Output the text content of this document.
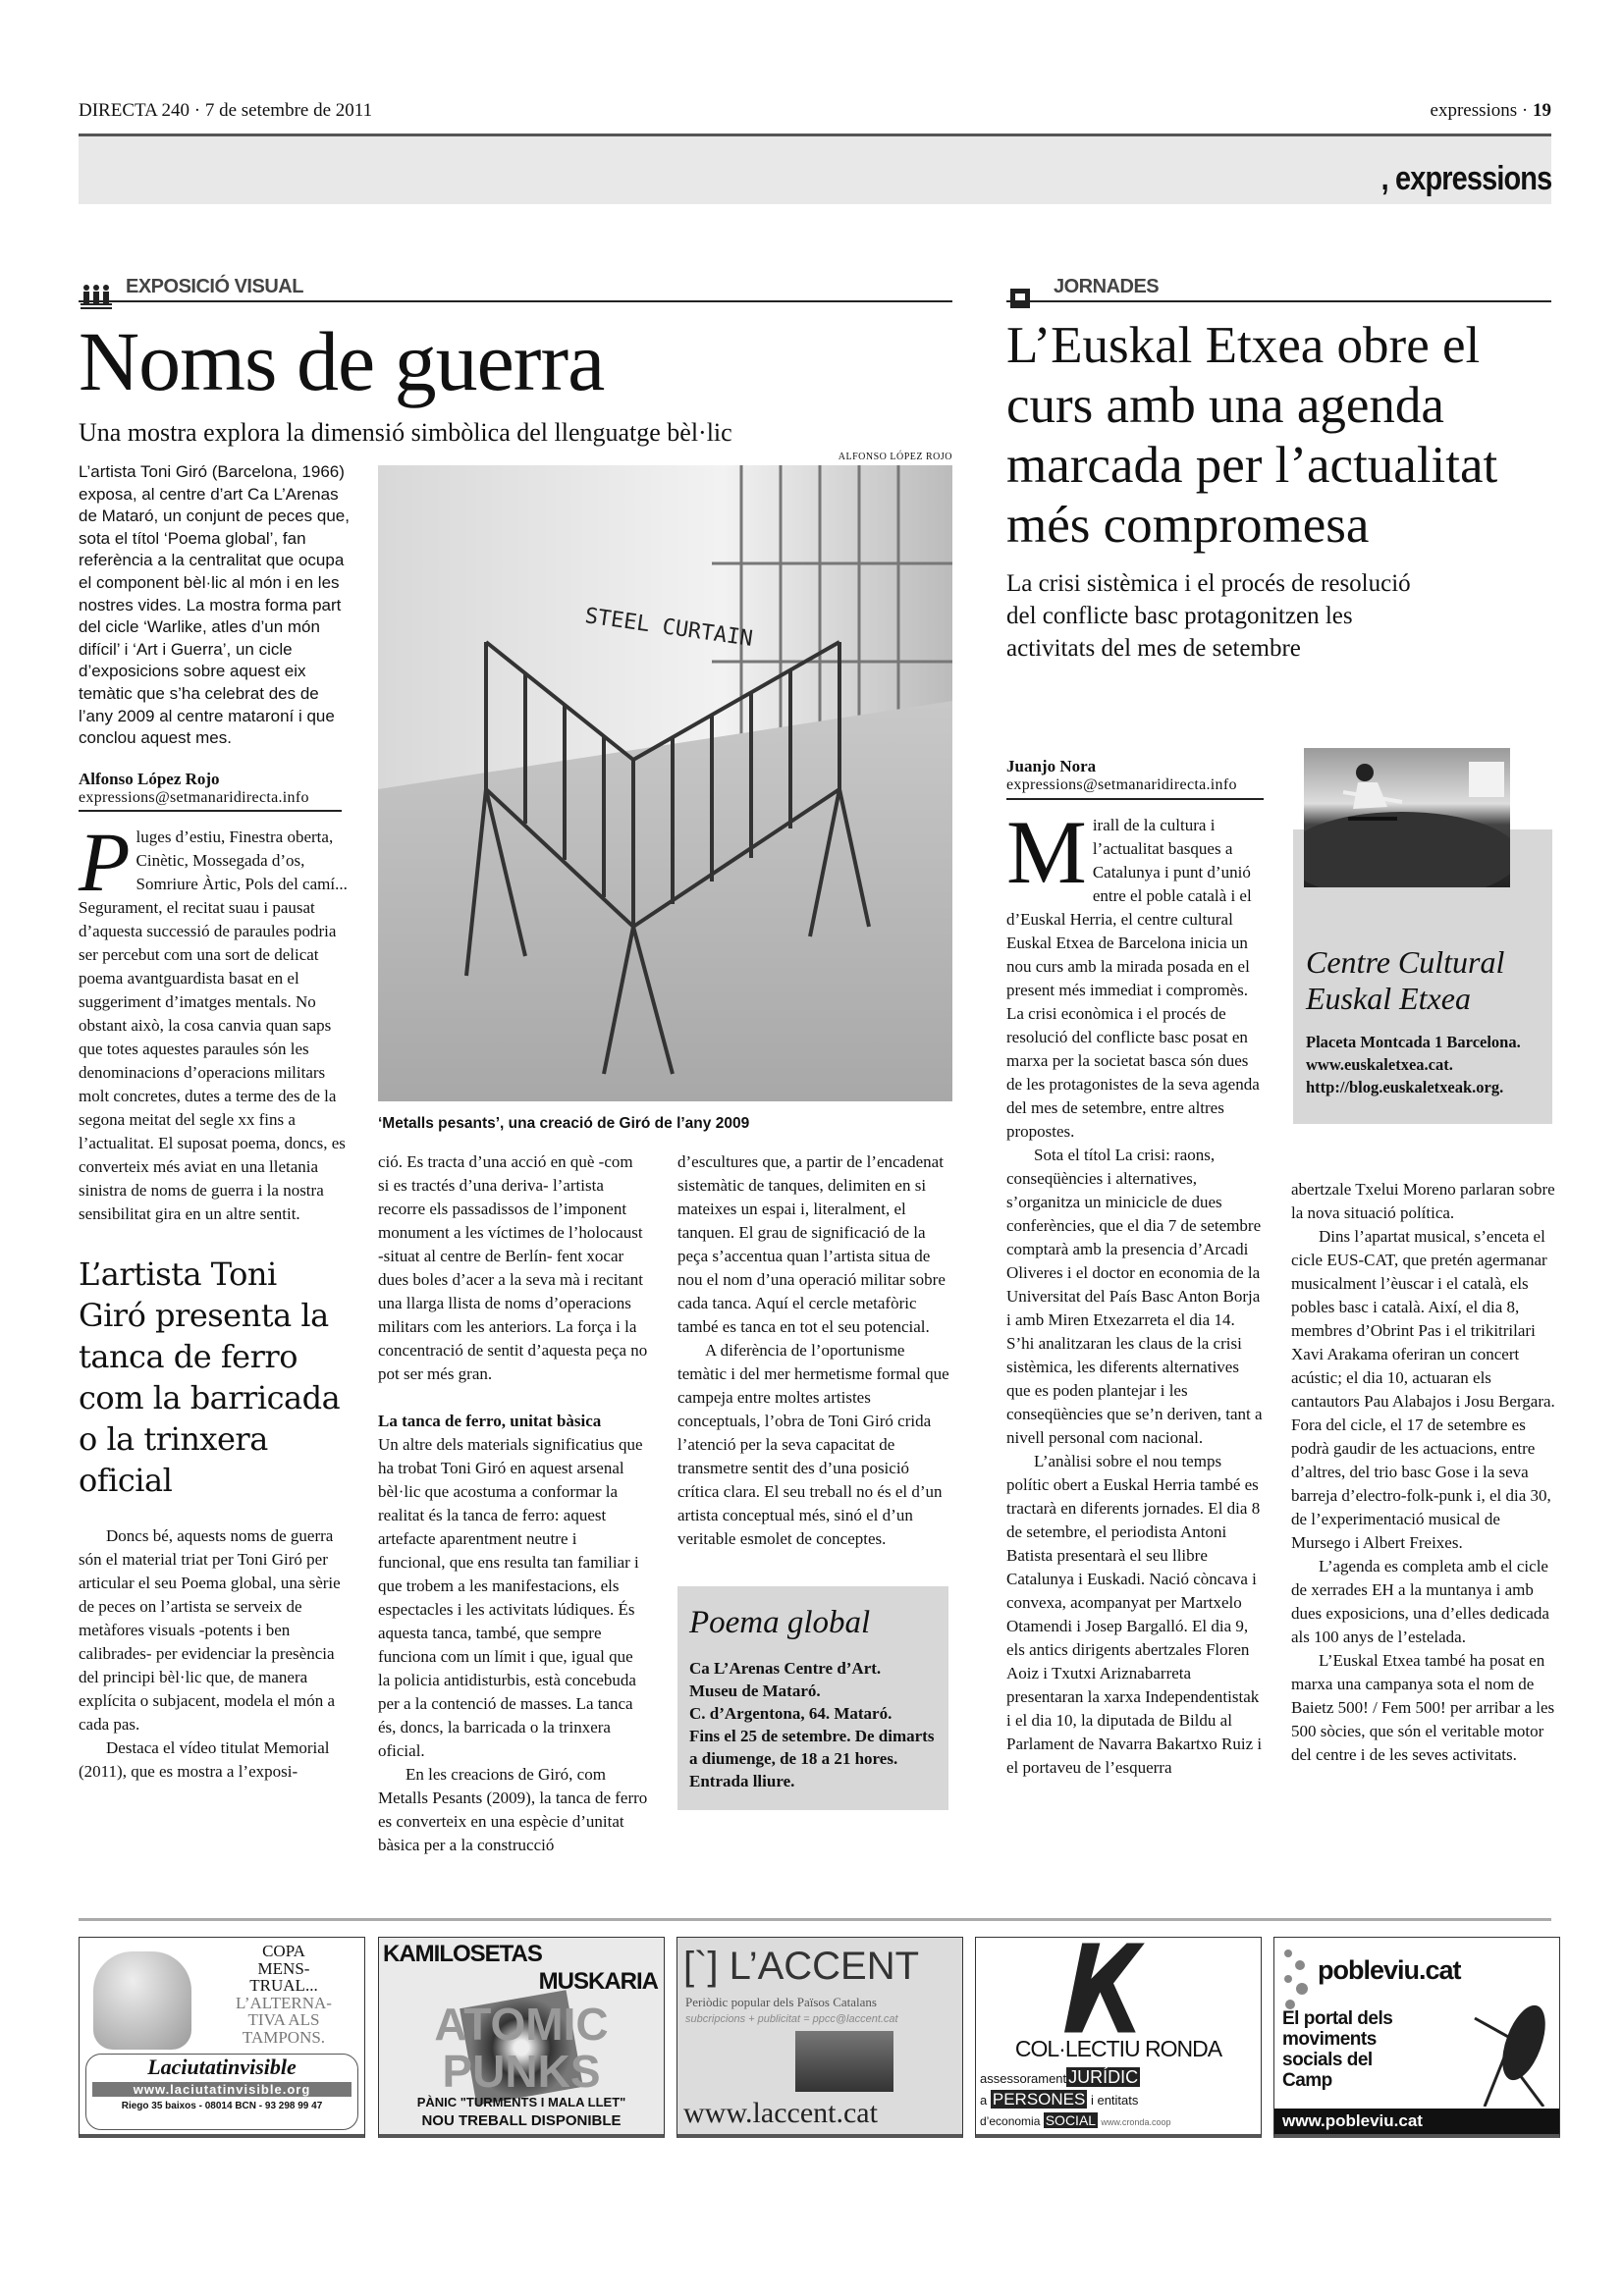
DIRECTA 240 · 7 de setembre de 2011	expressions · 19
, expressions
EXPOSICIÓ VISUAL
Noms de guerra
Una mostra explora la dimensió simbòlica del llenguatge bèl·lic
ALFONSO LÓPEZ ROJO
L’artista Toni Giró (Barcelona, 1966) exposa, al centre d’art Ca L’Arenas de Mataró, un conjunt de peces que, sota el títol ‘Poema global’, fan referència a la centralitat que ocupa el component bèl·lic al món i en les nostres vides. La mostra forma part del cicle ‘Warlike, atles d’un món difícil’ i ‘Art i Guerra’, un cicle d’exposicions sobre aquest eix temàtic que s’ha celebrat des de l’any 2009 al centre mataroní i que conclou aquest mes.
Alfonso López Rojo
expressions@setmanaridirecta.info
P luges d’estiu, Finestra oberta, Cinètic, Mossegada d’os, Somriure Àrtic, Pols del camí... Segurament, el recitat suau i pausat d’aquesta successió de paraules podria ser percebut com una sort de delicat poema avantguardista basat en el suggeriment d’imatges mentals. No obstant això, la cosa canvia quan saps que totes aquestes paraules són les denominacions d’operacions militars molt concretes, dutes a terme des de la segona meitat del segle xx fins a l’actualitat. El suposat poema, doncs, es converteix més aviat en una lletania sinistra de noms de guerra i la nostra sensibilitat gira en un altre sentit.

L’artista Toni Giró presenta la tanca de ferro com la barricada o la trinxera oficial

Doncs bé, aquests noms de guerra són el material triat per Toni Giró per articular el seu Poema global, una sèrie de peces on l’artista se serveix de metàfores visuals -potents i ben calibrades- per evidenciar la presència del principi bèl·lic que, de manera explícita o subjacent, modela el món a cada pas.

Destaca el vídeo titulat Memorial (2011), que es mostra a l’exposi-

STEEL CURTAIN
‘Metalls pesants’, una creació de Giró de l’any 2009

ció. Es tracta d’una acció en què -com si es tractés d’una deriva- l’artista recorre els passadissos de l’imponent monument a les víctimes de l’holocaust -situat al centre de Berlín- fent xocar dues boles d’acer a la seva mà i recitant una llarga llista de noms d’operacions militars com les anteriors. La força i la concentració de sentit d’aquesta peça no pot ser més gran.

La tanca de ferro, unitat bàsica

Un altre dels materials significatius que ha trobat Toni Giró en aquest arsenal bèl·lic que acostuma a conformar la realitat és la tanca de ferro: aquest artefacte aparentment neutre i funcional, que ens resulta tan familiar i que trobem a les manifestacions, els espectacles i les activitats lúdiques. És aquesta tanca, també, que sempre funciona com un límit i que, igual que la policia antidisturbis, està concebuda per a la contenció de masses. La tanca és, doncs, la barricada o la trinxera oficial.

En les creacions de Giró, com Metalls Pesants (2009), la tanca de ferro es converteix en una espècie d’unitat bàsica per a la construcció

d’escultures que, a partir de l’encadenat sistemàtic de tanques, delimiten en si mateixes un espai i, literalment, el tanquen. El grau de significació de la peça s’accentua quan l’artista situa de nou el nom d’una operació militar sobre cada tanca. Aquí el cercle metafòric també es tanca en tot el seu potencial.

A diferència de l’oportunisme temàtic i del mer hermetisme formal que campeja entre moltes artistes conceptuals, l’obra de Toni Giró crida l’atenció per la seva capacitat de transmetre sentit des d’una posició crítica clara. El seu treball no és el d’un artista conceptual més, sinó el d’un veritable esmolet de conceptes.

Poema global
Ca L’Arenas Centre d’Art.
Museu de Mataró.
C. d’Argentona, 64. Mataró.
Fins el 25 de setembre. De dimarts a diumenge, de 18 a 21 hores. Entrada lliure.
JORNADES
L’Euskal Etxea obre el curs amb una agenda marcada per l’actualitat més compromesa
La crisi sistèmica i el procés de resolució del conflicte basc protagonitzen les activitats del mes de setembre
Juanjo Nora
expressions@setmanaridirecta.info
M irall de la cultura i l’actualitat basques a Catalunya i punt d’unió entre el poble català i el d’Euskal Herria, el centre cultural Euskal Etxea de Barcelona inicia un nou curs amb la mirada posada en el present més immediat i compromès. La crisi econòmica i el procés de resolució del conflicte basc posat en marxa per la societat basca són dues de les protagonistes de la seva agenda del mes de setembre, entre altres propostes.

Sota el títol La crisi: raons, conseqüències i alternatives, s’organitza un minicicle de dues conferències, que el dia 7 de setembre comptarà amb la presencia d’Arcadi Oliveres i el doctor en economia de la Universitat del País Basc Anton Borja i amb Miren Etxezarreta el dia 14. S’hi analitzaran les claus de la crisi sistèmica, les diferents alternatives que es poden plantejar i les conseqüències que se’n deriven, tant a nivell personal com nacional.

L’anàlisi sobre el nou temps polític obert a Euskal Herria també es tractarà en diferents jornades. El dia 8 de setembre, el periodista Antoni Batista presentarà el seu llibre Catalunya i Euskadi. Nació còncava i convexa, acompanyat per Martxelo Otamendi i Josep Bargalló. El dia 9, els antics dirigents abertzales Floren Aoiz i Txutxi Ariznabarreta presentaran la xarxa Independentistak i el dia 10, la diputada de Bildu al Parlament de Navarra Bakartxo Ruiz i el portaveu de l’esquerra

Centre Cultural Euskal Etxea
Placeta Montcada 1 Barcelona.
www.euskaletxea.cat.
http://blog.euskaletxeak.org.

abertzale Txelui Moreno parlaran sobre la nova situació política.

Dins l’apartat musical, s’enceta el cicle EUS-CAT, que pretén agermanar musicalment l’èuscar i el català, els pobles basc i català. Així, el dia 8, membres d’Obrint Pas i el trikitrilari Xavi Arakama oferiran un concert acústic; el dia 10, actuaran els cantautors Pau Alabajos i Josu Bergara. Fora del cicle, el 17 de setembre es podrà gaudir de les actuacions, entre d’altres, del trio basc Gose i la seva barreja d’electro-folk-punk i, el dia 30, de l’experimentació musical de Mursego i Albert Freixes.

L’agenda es completa amb el cicle de xerrades EH a la muntanya i amb dues exposicions, una d’elles dedicada als 100 anys de l’estelada.

L’Euskal Etxea també ha posat en marxa una campanya sota el nom de Baietz 500! / Fem 500! per arribar a les 500 sòcies, que són el veritable motor del centre i de les seves activitats.

COPA
MENS-
TRUAL...
L’ALTERNA-
TIVA ALS
TAMPONS.
Laciutatinvisible
www.laciutatinvisible.org
Riego 35 baixos - 08014 BCN - 93 298 99 47
ATOMIC PUNKS
KAMILOSETAS
MUSKARIA
PÀNIC "TURMENTS I MALA LLET"
NOU TREBALL DISPONIBLE
[`] L’ACCENT
Periòdic popular dels Països Catalans
subcripcions + publicitat = ppcc@laccent.cat
www.laccent.cat
COL·LECTIU RONDA
assessorament JURÍDIC
a PERSONES i entitats
d’economia SOCIAL www.cronda.coop
pobleviu.cat
El portal dels moviments socials del Camp
www.pobleviu.cat
